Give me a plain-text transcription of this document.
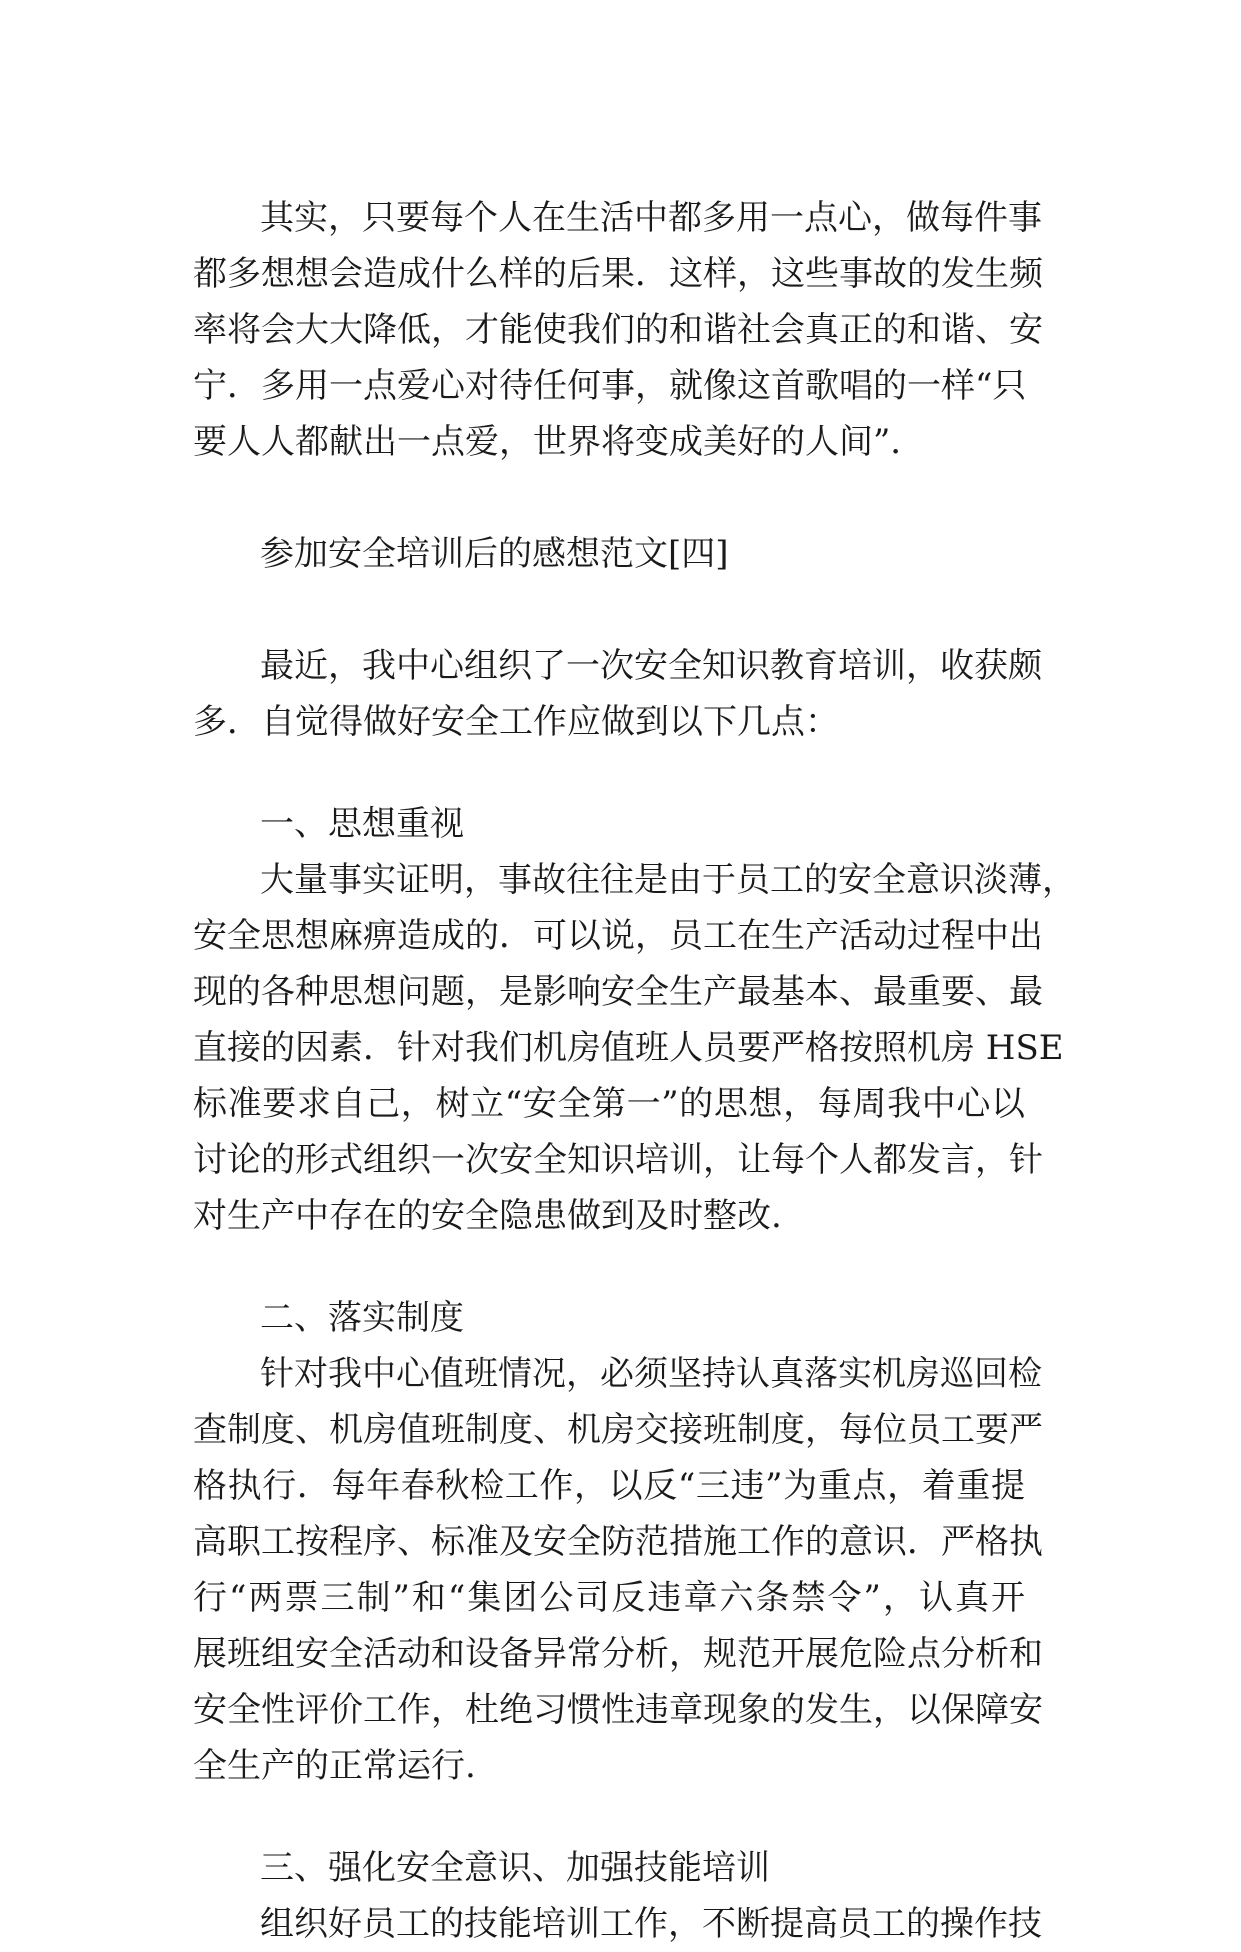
其实，只要每个人在生活中都多用一点心，做每件事
都多想想会造成什么样的后果．这样，这些事故的发生频
率将会大大降低，才能使我们的和谐社会真正的和谐、安
宁．多用一点爱心对待任何事，就像这首歌唱的一样“只
要人人都献出一点爱，世界将变成美好的人间”．
参加安全培训后的感想范文[四]
最近，我中心组织了一次安全知识教育培训，收获颇
多．自觉得做好安全工作应做到以下几点：
一、思想重视
大量事实证明，事故往往是由于员工的安全意识淡薄，
安全思想麻痹造成的．可以说，员工在生产活动过程中出
现的各种思想问题，是影响安全生产最基本、最重要、最
直接的因素．针对我们机房值班人员要严格按照机房 HSE
标准要求自己，树立“安全第一”的思想，每周我中心以
讨论的形式组织一次安全知识培训，让每个人都发言，针
对生产中存在的安全隐患做到及时整改.
二、落实制度
针对我中心值班情况，必须坚持认真落实机房巡回检
查制度、机房值班制度、机房交接班制度，每位员工要严
格执行．每年春秋检工作，以反“三违”为重点，着重提
高职工按程序、标准及安全防范措施工作的意识．严格执
行“两票三制”和“集团公司反违章六条禁令”，认真开
展班组安全活动和设备异常分析，规范开展危险点分析和
安全性评价工作，杜绝习惯性违章现象的发生，以保障安
全生产的正常运行.
三、强化安全意识、加强技能培训
组织好员工的技能培训工作，不断提高员工的操作技
